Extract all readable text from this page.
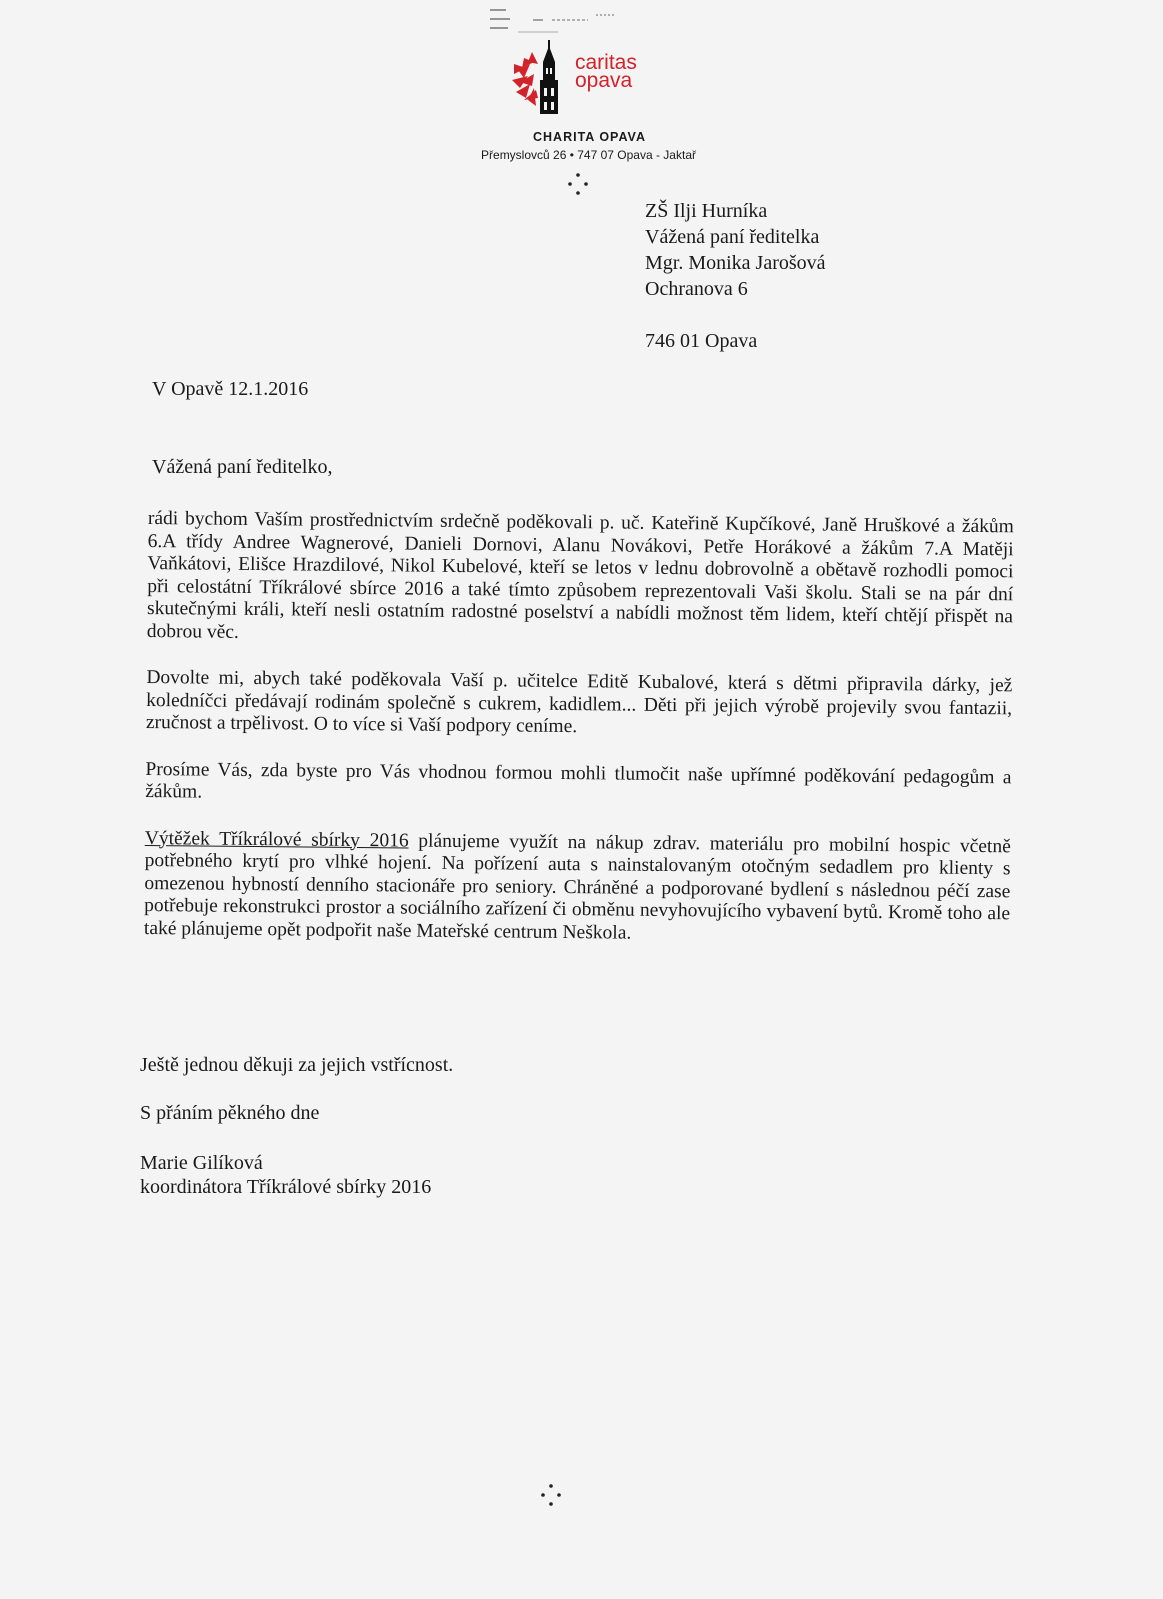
caritas
opava
CHARITA OPAVA
Přemyslovců 26 • 747 07 Opava - Jaktař
ZŠ Ilji Hurníka
Vážená paní ředitelka
Mgr. Monika Jarošová
Ochranova 6
746 01 Opava
V Opavě 12.1.2016
Vážená paní ředitelko,

rádi bychom Vaším prostřednictvím srdečně poděkovali p. uč. Kateřině Kupčíkové, Janě Hruškové a žákům 6.A třídy Andree Wagnerové, Danieli Dornovi, Alanu Novákovi, Petře Horákové a žákům 7.A Matěji Vaňkátovi, Elišce Hrazdilové, Nikol Kubelové, kteří se letos v lednu dobrovolně a obětavě rozhodli pomoci při celostátní Tříkrálové sbírce 2016 a také tímto způsobem reprezentovali Vaši školu. Stali se na pár dní skutečnými králi, kteří nesli ostatním radostné poselství a nabídli možnost těm lidem, kteří chtějí přispět na dobrou věc.

Dovolte mi, abych také poděkovala Vaší p. učitelce Editě Kubalové, která s dětmi připravila dárky, jež koledníčci předávají rodinám společně s cukrem, kadidlem... Děti při jejich výrobě projevily svou fantazii, zručnost a trpělivost. O to více si Vaší podpory ceníme.

Prosíme Vás, zda byste pro Vás vhodnou formou mohli tlumočit naše upřímné poděkování pedagogům a žákům.

Výtěžek Tříkrálové sbírky 2016 plánujeme využít na nákup zdrav. materiálu pro mobilní hospic včetně potřebného krytí pro vlhké hojení. Na pořízení auta s nainstalovaným otočným sedadlem pro klienty s omezenou hybností denního stacionáře pro seniory. Chráněné a podporované bydlení s následnou péčí zase potřebuje rekonstrukci prostor a sociálního zařízení či obměnu nevyhovujícího vybavení bytů. Kromě toho ale také plánujeme opět podpořit naše Mateřské centrum Neškola.

Ještě jednou děkuji za jejich vstřícnost.
S přáním pěkného dne
Marie Gilíková
koordinátora Tříkrálové sbírky 2016
